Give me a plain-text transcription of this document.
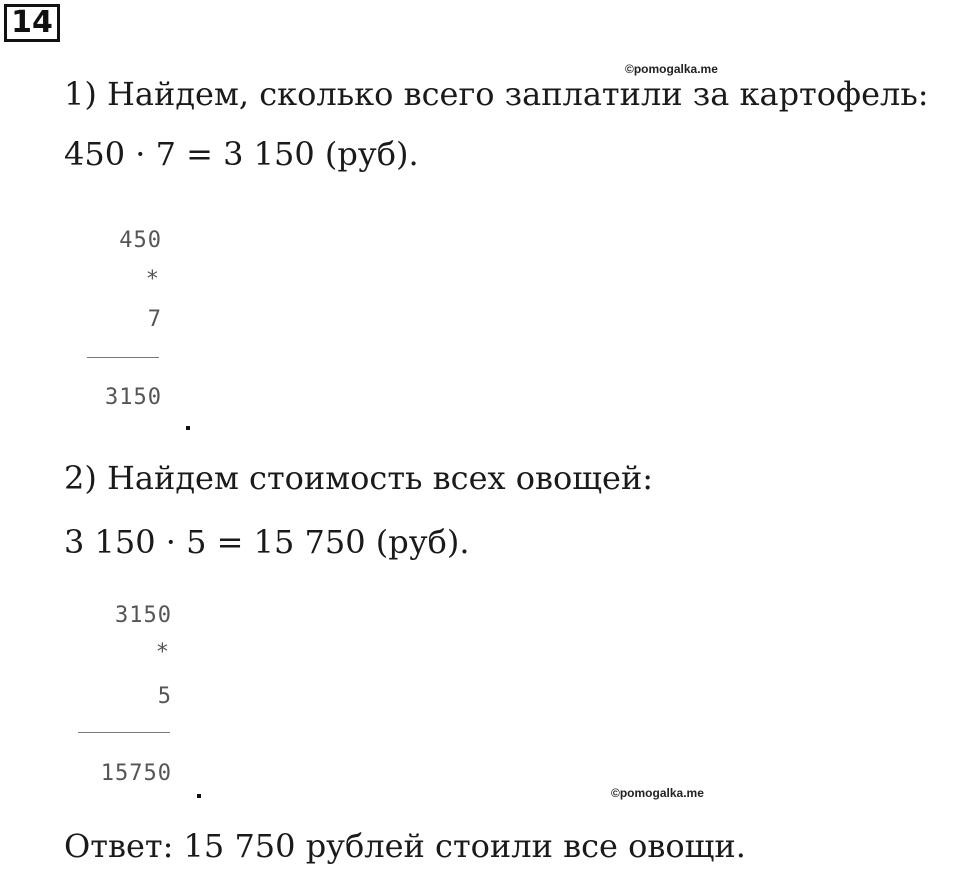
14
©pomogalka.me
1) Найдем, сколько всего заплатили за картофель:
450 · 7 = 3 150 (руб).
450
*
7
3150
2) Найдем стоимость всех овощей:
3 150 · 5 = 15 750 (руб).
3150
*
5
15750
©pomogalka.me
Ответ: 15 750 рублей стоили все овощи.
